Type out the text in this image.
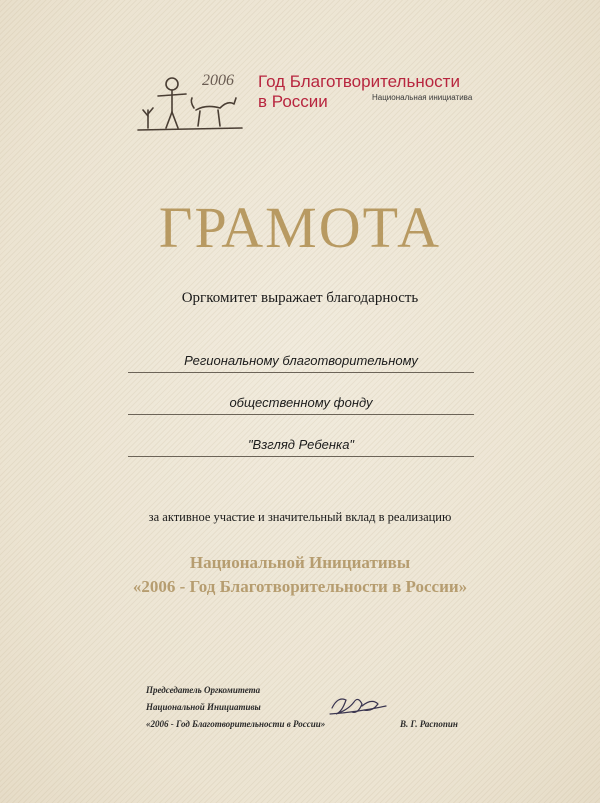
2006 Год Благотворительности
в России	Национальная инициатива
ГРАМОТА
Оргкомитет выражает благодарность
Региональному благотворительному
общественному фонду
"Взгляд Ребенка"
за активное участие и значительный вклад в реализацию
Национальной Инициативы
«2006 - Год Благотворительности в России»
Председатель Оргкомитета
Национальной Инициативы
«2006 - Год Благотворительности в России»	В. Г. Распопин
